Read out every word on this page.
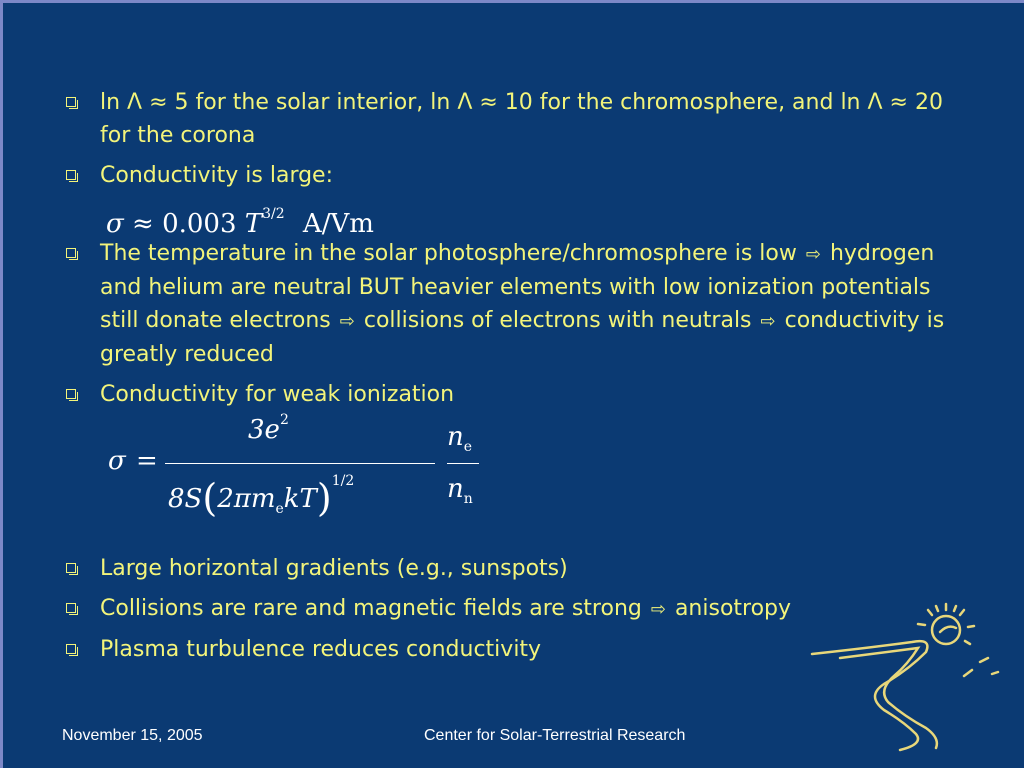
ln Λ ≈ 5 for the solar interior, ln Λ ≈ 10 for the chromosphere, and ln Λ ≈ 20 for the corona
Conductivity is large:
σ ≈ 0.003 $T^{3/2}$ A/Vm
The temperature in the solar photosphere/chromosphere is low ⇨ hydrogen and helium are neutral BUT heavier elements with low ionization potentials still donate electrons ⇨ collisions of electrons with neutrals ⇨ conductivity is greatly reduced
Conductivity for weak ionization
σ =
$3e^2$
$8S(2\pi m_ekT)^{1/2}$
$n_e$
$n_n$
Large horizontal gradients (e.g., sunspots)
Collisions are rare and magnetic fields are strong ⇨ anisotropy
Plasma turbulence reduces conductivity
November 15, 2005	Center for Solar-Terrestrial Research
